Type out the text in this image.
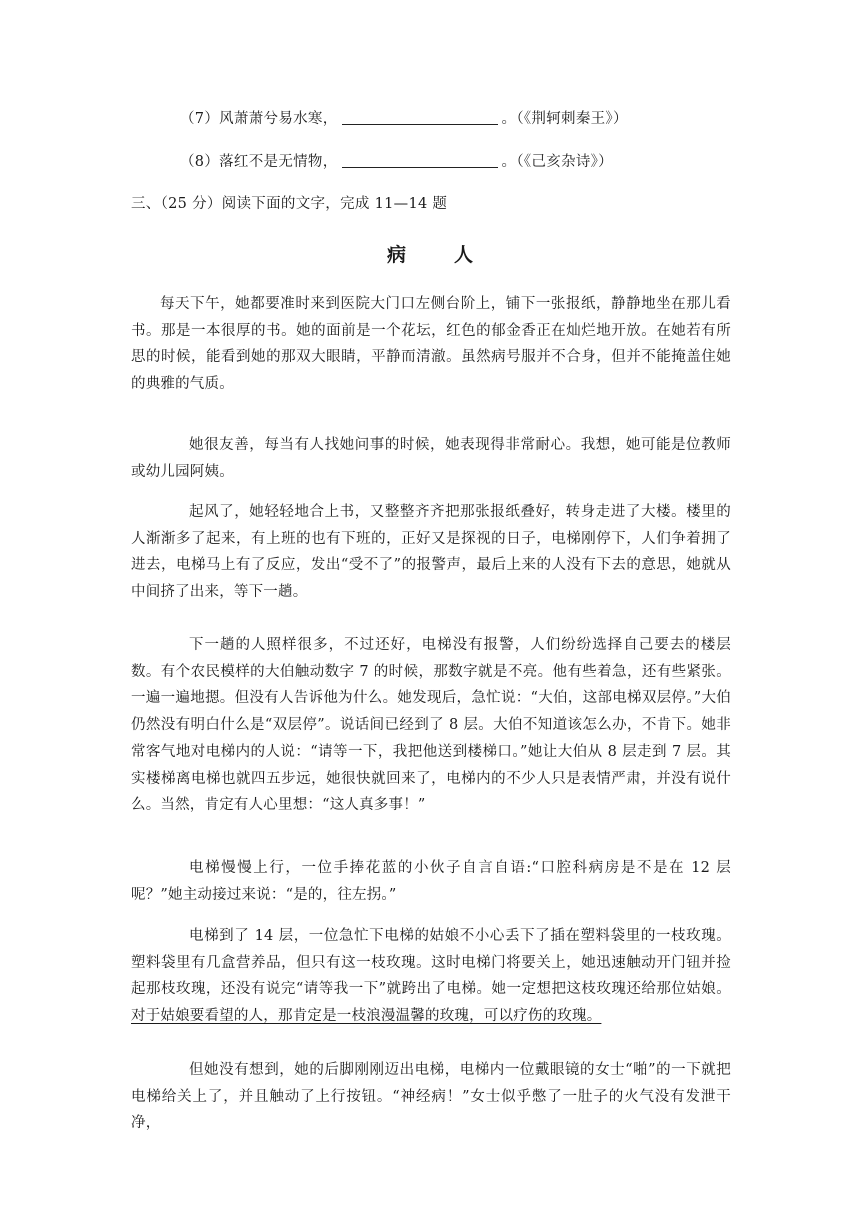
（7）风萧萧兮易水寒，	。（《荆轲刺秦王》）
（8）落红不是无情物，	。（《己亥杂诗》）
三、（25 分）阅读下面的文字，完成 11—14 题
病人

每天下午，她都要准时来到医院大门口左侧台阶上，铺下一张报纸，静静地坐在那儿看书。那是一本很厚的书。她的面前是一个花坛，红色的郁金香正在灿烂地开放。在她若有所思的时候，能看到她的那双大眼睛，平静而清澈。虽然病号服并不合身，但并不能掩盖住她的典雅的气质。

她很友善，每当有人找她问事的时候，她表现得非常耐心。我想，她可能是位教师或幼儿园阿姨。

起风了，她轻轻地合上书，又整整齐齐把那张报纸叠好，转身走进了大楼。楼里的人渐渐多了起来，有上班的也有下班的，正好又是探视的日子，电梯刚停下，人们争着拥了进去，电梯马上有了反应，发出“受不了”的报警声，最后上来的人没有下去的意思，她就从中间挤了出来，等下一趟。

下一趟的人照样很多，不过还好，电梯没有报警，人们纷纷选择自己要去的楼层数。有个农民模样的大伯触动数字 7 的时候，那数字就是不亮。他有些着急，还有些紧张。一遍一遍地摁。但没有人告诉他为什么。她发现后，急忙说：“大伯，这部电梯双层停。”大伯仍然没有明白什么是“双层停”。说话间已经到了 8 层。大伯不知道该怎么办，不肯下。她非常客气地对电梯内的人说：“请等一下，我把他送到楼梯口。”她让大伯从 8 层走到 7 层。其实楼梯离电梯也就四五步远，她很快就回来了，电梯内的不少人只是表情严肃，并没有说什么。当然，肯定有人心里想：“这人真多事！”

电梯慢慢上行，一位手捧花蓝的小伙子自言自语:“口腔科病房是不是在 12 层呢？”她主动接过来说：“是的，往左拐。”

电梯到了 14 层，一位急忙下电梯的姑娘不小心丢下了插在塑料袋里的一枝玫瑰。塑料袋里有几盒营养品，但只有这一枝玫瑰。这时电梯门将要关上，她迅速触动开门钮并捡起那枝玫瑰，还没有说完“请等我一下”就跨出了电梯。她一定想把这枝玫瑰还给那位姑娘。对于姑娘要看望的人，那肯定是一枝浪漫温馨的玫瑰，可以疗伤的玫瑰。

但她没有想到，她的后脚刚刚迈出电梯，电梯内一位戴眼镜的女士“啪”的一下就把电梯给关上了，并且触动了上行按钮。“神经病！”女士似乎憋了一肚子的火气没有发泄干净，
